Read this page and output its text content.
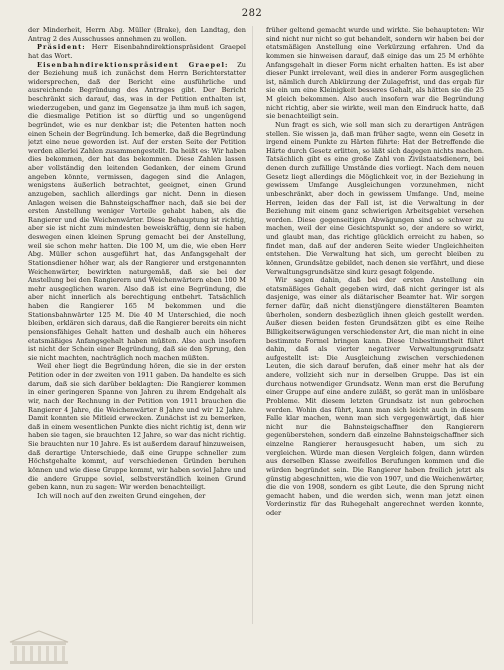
282

der Minderheit, Herrn Abg. Müller (Brake), den Landtag, den Antrag 2 des Ausschusses annehmen zu wollen.

Präsident: Herr Eisenbahndirektionspräsident Graepel hat das Wort.

Eisenbahndirektionspräsident Graepel: Zu der Beziehung muß ich zunächst dem Herrn Berichterstatter widersprechen, daß der Bericht eine ausführliche und ausreichende Begründung des Antrages gibt. Der Bericht beschränkt sich darauf, das, was in der Petition enthalten ist, wiederzugeben, und ganz im Gegensatze ja ihm muß ich sagen, die diesmalige Petition ist so dürftig und so ungenügend begründet, wie es nur denkbar ist; die Petenten hatten noch einen Schein der Begründung. Ich bemerke, daß die Begründung jetzt eine neue geworden ist. Auf der ersten Seite der Petition werden allerlei Zahlen zusammengestellt. Da heißt es: Wir haben dies bekommen, der hat das bekommen. Diese Zahlen lassen aber vollständig den leitenden Gedanken, der einem Grund angeben könnte, vermissen, dagegen sind die Anlagen, wenigstens äußerlich betrachtet, geeignet, einen Grund anzugeben, sachlich allerdings gar nicht. Denn in diesen Anlagen weisen die Bahnsteigschaffner nach, daß sie bei der ersten Anstellung weniger Vorteile gehabt haben, als die Rangierer und die Weichenwärter. Diese Behauptung ist richtig, aber sie ist nicht zum mindesten beweiskräftig, denn sie haben deswegen einen kleinen Sprung gemacht bei der Anstellung, weil sie schon mehr hatten. Die 100 M, um die, wie eben Herr Abg. Müller schon ausgeführt hat, das Anfangsgehalt der Stationsdiener höher war, als der Rangierer und erstgenannten Weichenwärter, bewirkten naturgemäß, daß sie bei der Anstellung bei den Rangierern und Weichenwärtern eben 100 M mehr ausgeglichen waren. Also daß ist eine Begründung, die aber nicht innerlich als berechtigung entbehrt. Tatsächlich haben die Rangierer 165 M bekommen und die Stationsbahnwärter 125 M. Die 40 M Unterschied, die noch bleiben, erklären sich daraus, daß die Rangierer bereits ein nicht pensionsfähiges Gehalt hatten und deshalb auch ein höheres etatsmäßiges Anfangsgehalt haben müßten. Also auch insofern ist nicht der Schein einer Begründung, daß sie den Sprung, den sie nicht machten, nachträglich noch machen müßten.

Weil eher liegt die Begründung hören, die sie in der ersten Petition oder in der zweiten von 1911 gaben. Da handelte es sich darum, daß sie sich darüber beklagten: Die Rangierer kommen in einer geringeren Spanne von Jahren zu ihrem Endgehalt als wir, nach der Rechnung in der Petition von 1911 brauchen die Rangierer 4 Jahre, die Weichenwärter 8 Jahre und wir 12 Jahre. Damit konnten sie Mitleid erwecken. Zunächst ist zu bemerken, daß in einem wesentlichen Punkte dies nicht richtig ist, denn wir haben sie tagen, sie brauchten 12 Jahre, so war das nicht richtig. Sie brauchten nur 10 Jahre. Es ist außerdem darauf hinzuweisen, daß derartige Unterschiede, daß eine Gruppe schneller zum Höchstgehalte kommt, auf verschiedenen Gründen beruhen können und wie diese Gruppe kommt, wir haben soviel Jahre und die andere Gruppe soviel, selbstverständlich keinen Grund geben kann, nun zu sagen: Wir werden benachteiligt.

Ich will noch auf den zweiten Grund eingehen, der

früher geltend gemacht wurde und wirkte. Sie behaupteten: Wir sind nicht nur nicht so gut behandelt, sondern wir haben bei der etatsmäßigen Anstellung eine Verkürzung erfahren. Und da kommen sie hinweisen darauf, daß einige das um 25 M erhöhte Anfangsgehalt in dieser Form nicht erhalten hatten. Es ist aber dieser Punkt irrelevant, weil dies in anderer Form ausgeglichen ist, nämlich durch Abkürzung der Zulagefrist, und das ergab für sie ein um eine Kleinigkeit besseres Gehalt, als hätten sie die 25 M gleich bekommen. Also auch insofern war die Begründung nicht richtig, aber sie wirkte, weil man den Eindruck hatte, daß sie benachteiligt sein.

Nun fragt es sich, wie soll man sich zu derartigen Anträgen stellen. Sie wissen ja, daß man früher sagte, wenn ein Gesetz in irgend einem Punkte zu Härten führte: Hat der Betreffende die Härte durch Gesetz erlitten, so läßt sich dagegen nichts machen. Tatsächlich gibt es eine große Zahl von Zivilstaatsdienern, bei denen durch zufällige Umstände dies vorliegt. Nach dem neuen Gesetz liegt allerdings die Möglichkeit vor, in der Beziehung in gewissem Umfange Ausgleichungen vorzunehmen, nicht unbeschränkt, aber doch in gewissem Umfange. Und, meine Herren, leiden das der Fall ist, ist die Verwaltung in der Beziehung mit einem ganz schwierigen Arbeitsgebiet versehen worden. Diese gegenseitigen Abwägungen sind so schwer zu machen, weil der eine Gesichtspunkt so, der andere so wirkt, und glaubt man, das richtige glücklich erreicht zu haben, so findet man, daß auf der anderen Seite wieder Ungleichheiten entstehen. Die Verwaltung hat sich, um gerecht bleiben zu können, Grundsätze gebildet, nach denen sie verfährt, und diese Verwaltungsgrundsätze sind kurz gesagt folgende.

Wir sagen dahin, daß bei der ersten Anstellung ein etatsmäßiges Gehalt gegeben wird, daß nicht geringer ist als dasjenige, was einer als diätarischer Beamter hat. Wir sorgen ferner dafür, daß nicht dienstjüngere dienstälteren Beamten überholen, sondern desbezüglich ihnen gleich gestellt werden. Außer diesen beiden festen Grundsätzen gibt es eine Reihe Billigkeitserwägungen verschiedenster Art, die man nicht in eine bestimmte Formel bringen kann. Diese Unbestimmtheit führt dahin, daß als vierter negativer Verwaltungsgrundsatz aufgestellt ist: Die Ausgleichung zwischen verschiedenen Leuten, die sich darauf berufen, daß einer mehr hat als der andere, vollzieht sich nur in derselben Gruppe. Das ist ein durchaus notwendiger Grundsatz. Wenn man erst die Berufung einer Gruppe auf eine andere zuläßt, so gerät man in unlösbare Probleme. Mit diesem letzten Grundsatz ist nun gebrochen werden. Wohin das führt, kann man sich leicht auch in diesem Falle klar machen, wenn man sich vergegenwärtigt, daß hier nicht nur die Bahnsteigschaffner den Rangierern gegenüberstehen, sondern daß einzelne Bahnsteigschaffner sich einzelne Rangierer herausgesucht haben, um sich zu vergleichen. Würde man diesen Vergleich folgen, dann würden aus derselben Klasse zweifellos Berufungen kommen und die würden begründet sein. Die Rangierer haben freilich jetzt als günstig abgeschnitten, wie die von 1907, und die Weichenwärter, die die von 1908, sondern es gibt Leute, die den Sprung nicht gemacht haben, und die werden sich, wenn man jetzt einen Vorderinstiz für das Ruhegehalt angerechnet werden konnte, oder
